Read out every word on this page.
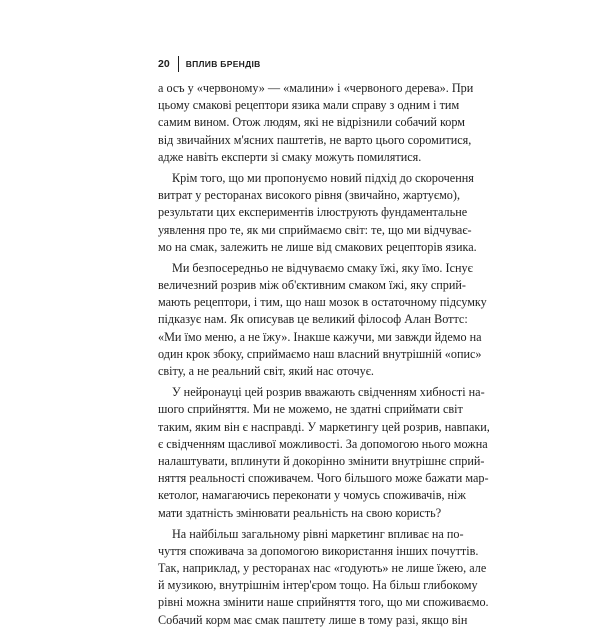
20 ВПЛИВ БРЕНДІВ

а осъ у «червоному» — «малини» і «червоного дерева». При
цьому смакові рецептори язика мали справу з одним і тим
самим вином. Отож людям, які не відрізнили собачий корм
від звичайних м'ясних паштетів, не варто цього соромитися,
адже навіть експерти зі смаку можуть помилятися.

Крім того, що ми пропонуємо новий підхід до скорочення
витрат у ресторанах високого рівня (звичайно, жартуємо),
результати цих експериментів ілюструють фундаментальне
уявлення про те, як ми сприймаємо світ: те, що ми відчуває-
мо на смак, залежить не лише від смакових рецепторів язика.

Ми безпосередньо не відчуваємо смаку їжі, яку їмо. Існує
величезний розрив між об'єктивним смаком їжі, яку сприй-
мають рецептори, і тим, що наш мозок в остаточному підсумку
підказує нам. Як описував це великий філософ Алан Воттс:
«Ми їмо меню, а не їжу». Інакше кажучи, ми завжди йдемо на
один крок збоку, сприймаємо наш власний внутрішній «опис»
світу, а не реальний світ, який нас оточує.

У нейронауці цей розрив вважають свідченням хибності на-
шого сприйняття. Ми не можемо, не здатні сприймати світ
таким, яким він є насправді. У маркетингу цей розрив, навпаки,
є свідченням щасливої можливості. За допомогою нього можна
налаштувати, вплинути й докорінно змінити внутрішнє сприй-
няття реальності споживачем. Чого більшого може бажати мар-
кетолог, намагаючись переконати у чомусь споживачів, ніж
мати здатність змінювати реальність на свою користь?

На найбільш загальному рівні маркетинг впливає на по-
чуття споживача за допомогою використання інших почуттів.
Так, наприклад, у ресторанах нас «годують» не лише їжею, але
й музикою, внутрішнім інтер'єром тощо. На більш глибокому
рівні можна змінити наше сприйняття того, що ми споживаємо.
Собачий корм має смак паштету лише в тому разі, якщо він
